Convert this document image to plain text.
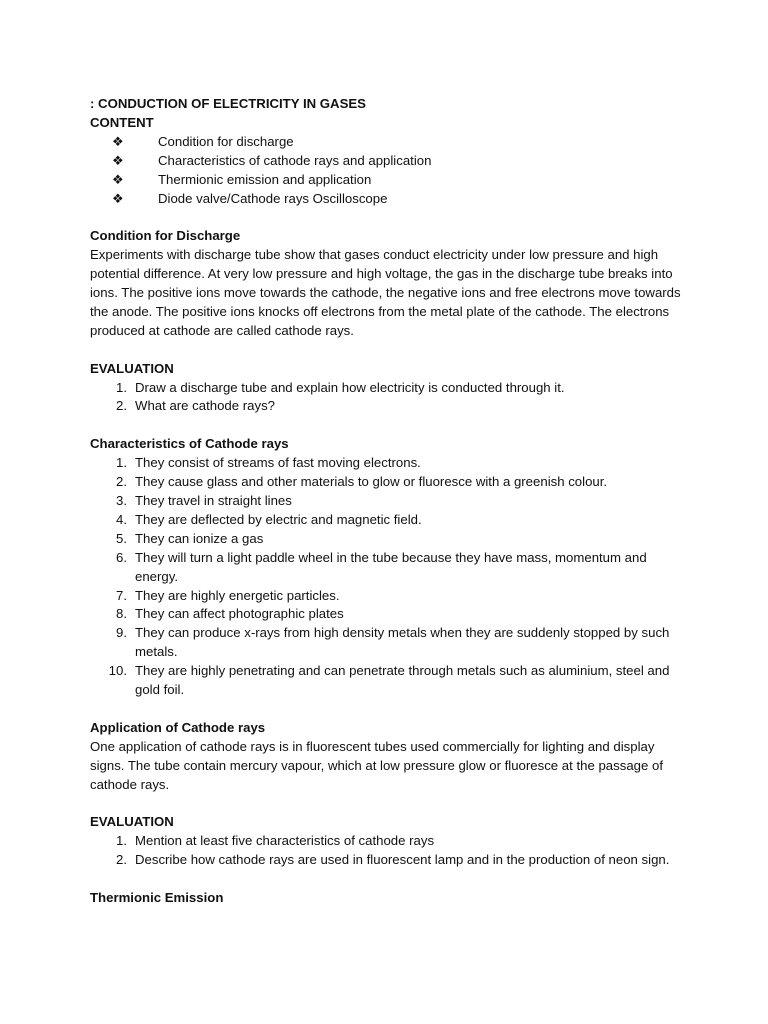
: CONDUCTION OF ELECTRICITY IN GASES
CONTENT
❖	Condition for discharge
❖	Characteristics of cathode rays and application
❖	Thermionic emission and application
❖	Diode valve/Cathode rays Oscilloscope
Condition for Discharge

Experiments with discharge tube show that gases conduct electricity under low pressure and high potential difference. At very low pressure and high voltage, the gas in the discharge tube breaks into ions. The positive ions move towards the cathode, the negative ions and free electrons move towards the anode. The positive ions knocks off electrons from the metal plate of the cathode. The electrons produced at cathode are called cathode rays.

EVALUATION
1. Draw a discharge tube and explain how electricity is conducted through it.
2. What are cathode rays?
Characteristics of Cathode rays
1. They consist of streams of fast moving electrons.
2. They cause glass and other materials to glow or fluoresce with a greenish colour.
3. They travel in straight lines
4. They are deflected by electric and magnetic field.
5. They can ionize a gas
6. They will turn a light paddle wheel in the tube because they have mass, momentum and energy.
7. They are highly energetic particles.
8. They can affect photographic plates
9. They can produce x-rays from high density metals when they are suddenly stopped by such metals.
10. They are highly penetrating and can penetrate through metals such as aluminium, steel and gold foil.
Application of Cathode rays

One application of cathode rays is in fluorescent tubes used commercially for lighting and display signs. The tube contain mercury vapour, which at low pressure glow or fluoresce at the passage of cathode rays.

EVALUATION
1. Mention at least five characteristics of cathode rays
2. Describe how cathode rays are used in fluorescent lamp and in the production of neon sign.
Thermionic Emission
